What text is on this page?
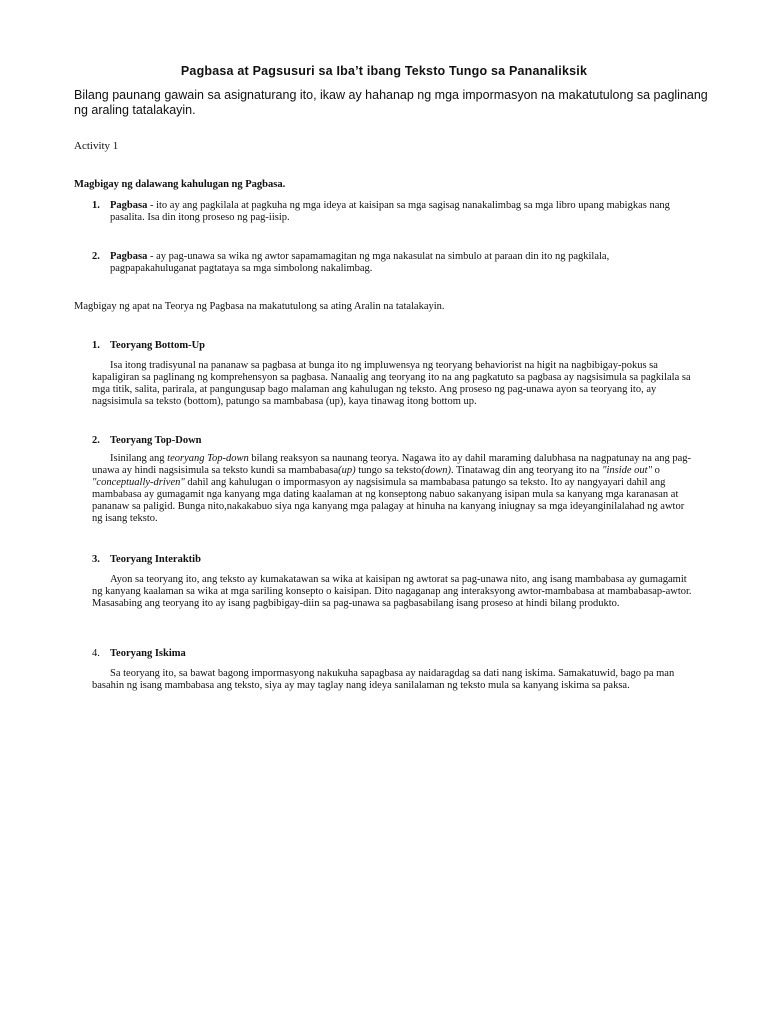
Pagbasa at Pagsusuri sa Iba’t ibang Teksto Tungo sa Pananaliksik
Bilang paunang gawain sa asignaturang ito, ikaw ay hahanap ng mga impormasyon na makatutulong sa paglinang ng araling tatalakayin.
Activity 1
Magbigay ng dalawang kahulugan ng Pagbasa.
1. Pagbasa - ito ay ang pagkilala at pagkuha ng mga ideya at kaisipan sa mga sagisag nanakalimbag sa mga libro upang mabigkas nang pasalita. Isa din itong proseso ng pag-iisip.
2. Pagbasa - ay pag-unawa sa wika ng awtor sapamamagitan ng mga nakasulat na simbulo at paraan din ito ng pagkilala, pagpapakahuluganat pagtataya sa mga simbolong nakalimbag.
Magbigay ng apat na Teorya ng Pagbasa na makatutulong sa ating Aralin na tatalakayin.
1. Teoryang Bottom-Up
Isa itong tradisyunal na pananaw sa pagbasa at bunga ito ng impluwensya ng teoryang behaviorist na higit na nagbibigay-pokus sa kapaligiran sa paglinang ng komprehensyon sa pagbasa. Nanaalig ang teoryang ito na ang pagkatuto sa pagbasa ay nagsisimula sa pagkilala sa mga titik, salita, parirala, at pangungusap bago malaman ang kahulugan ng teksto. Ang proseso ng pag-unawa ayon sa teoryang ito, ay nagsisimula sa teksto (bottom), patungo sa mambabasa (up), kaya tinawag itong bottom up.
2. Teoryang Top-Down
Isinilang ang teoryang Top-down bilang reaksyon sa naunang teorya. Nagawa ito ay dahil maraming dalubhasa na nagpatunay na ang pag-unawa ay hindi nagsisimula sa teksto kundi sa mambabasa(up) tungo sa teksto(down). Tinatawag din ang teoryang ito na "inside out" o "conceptually-driven" dahil ang kahulugan o impormasyon ay nagsisimula sa mambabasa patungo sa teksto. Ito ay nangyayari dahil ang mambabasa ay gumagamit nga kanyang mga dating kaalaman at ng konseptong nabuo sakanyang isipan mula sa kanyang mga karanasan at pananaw sa paligid. Bunga nito,nakakabuo siya nga kanyang mga palagay at hinuha na kanyang iniugnay sa mga ideyanginilalahad ng awtor ng isang teksto.
3. Teoryang Interaktib
Ayon sa teoryang ito, ang teksto ay kumakatawan sa wika at kaisipan ng awtorat sa pag-unawa nito, ang isang mambabasa ay gumagamit ng kanyang kaalaman sa wika at mga sariling konsepto o kaisipan. Dito nagaganap ang interaksyong awtor-mambabasa at mambabasap-awtor. Masasabing ang teoryang ito ay isang pagbibigay-diin sa pag-unawa sa pagbasabilang isang proseso at hindi bilang produkto.
4. Teoryang Iskima
Sa teoryang ito, sa bawat bagong impormasyong nakukuha sapagbasa ay naidaragdag sa dati nang iskima. Samakatuwid, bago pa man basahin ng isang mambabasa ang teksto, siya ay may taglay nang ideya sanilalaman ng teksto mula sa kanyang iskima sa paksa.
